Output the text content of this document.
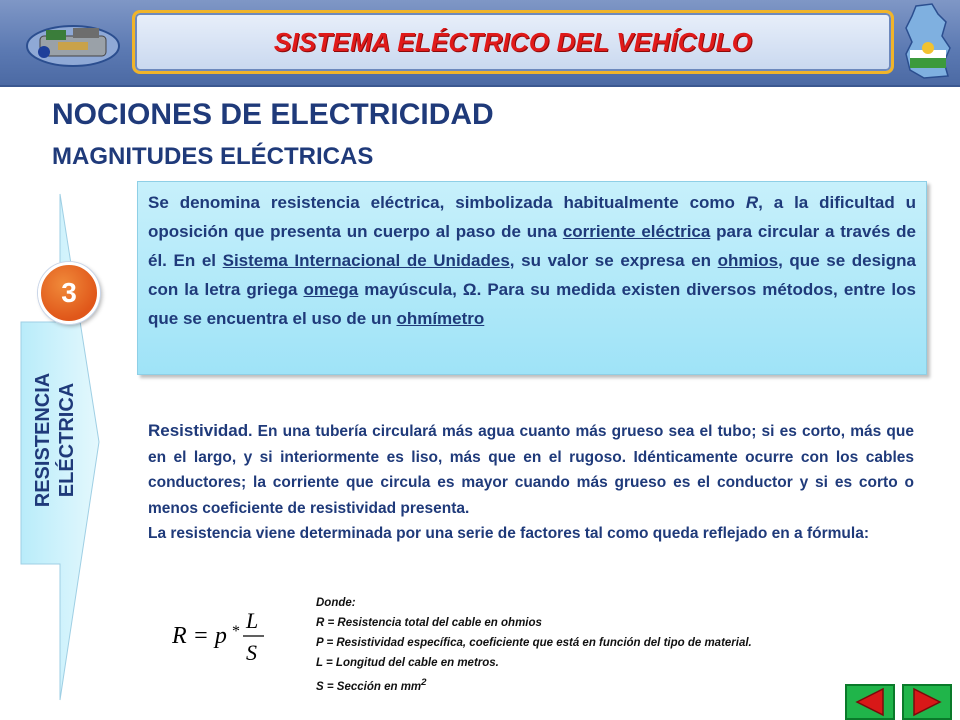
SISTEMA ELÉCTRICO DEL VEHÍCULO
NOCIONES DE ELECTRICIDAD
MAGNITUDES ELÉCTRICAS
RESISTENCIA ELÉCTRICA
3

Se denomina resistencia eléctrica, simbolizada habitualmente como R, a la dificultad u oposición que presenta un cuerpo al paso de una corriente eléctrica para circular a través de él. En el Sistema Internacional de Unidades, su valor se expresa en ohmios, que se designa con la letra griega omega mayúscula, Ω. Para su medida existen diversos métodos, entre los que se encuentra el uso de un ohmímetro

Resistividad. En una tubería circulará más agua cuanto más grueso sea el tubo; si es corto, más que en el largo, y si interiormente es liso, más que en el rugoso. Idénticamente ocurre con los cables conductores; la corriente que circula es mayor cuando más grueso es el conductor y si es corto o menos coeficiente de resistividad presenta.
La resistencia viene determinada por una serie de factores tal como queda reflejado en a fórmula:

R = p * L
S
Donde:
R = Resistencia total del cable en ohmios
P = Resistividad específica, coeficiente que está en función del tipo de material.
L = Longitud del cable en metros.
S = Sección en $mm^2$
